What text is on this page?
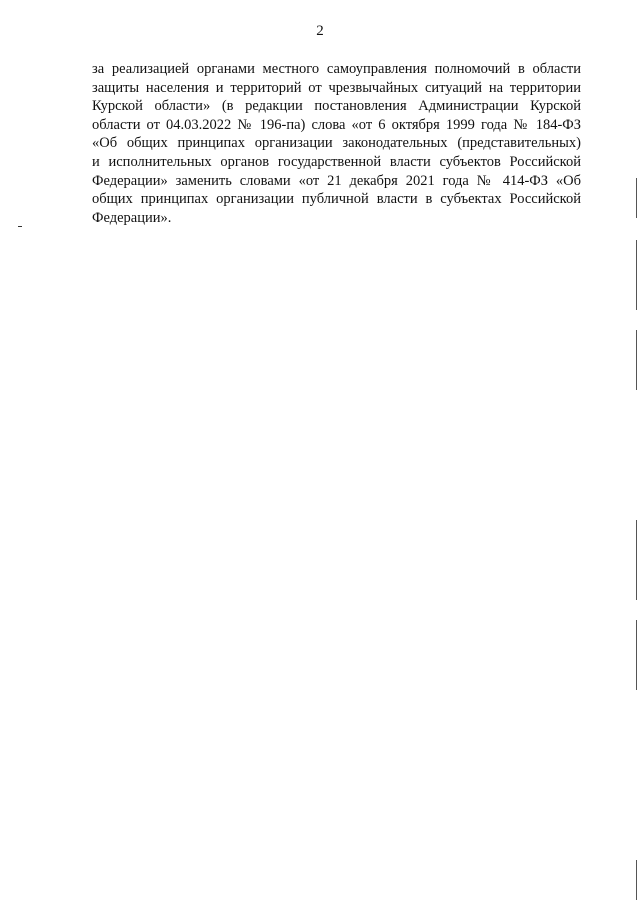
2
за реализацией органами местного самоуправления полномочий в области
защиты населения и территорий от чрезвычайных ситуаций на территории
Курской области» (в редакции постановления Администрации Курской
области от 04.03.2022 № 196-па) слова «от 6 октября 1999 года № 184-ФЗ
«Об общих принципах организации законодательных (представительных)
и исполнительных органов государственной власти субъектов Российской
Федерации» заменить словами «от 21 декабря 2021 года № 414-ФЗ «Об
общих принципах организации публичной власти в субъектах Российской
Федерации».
